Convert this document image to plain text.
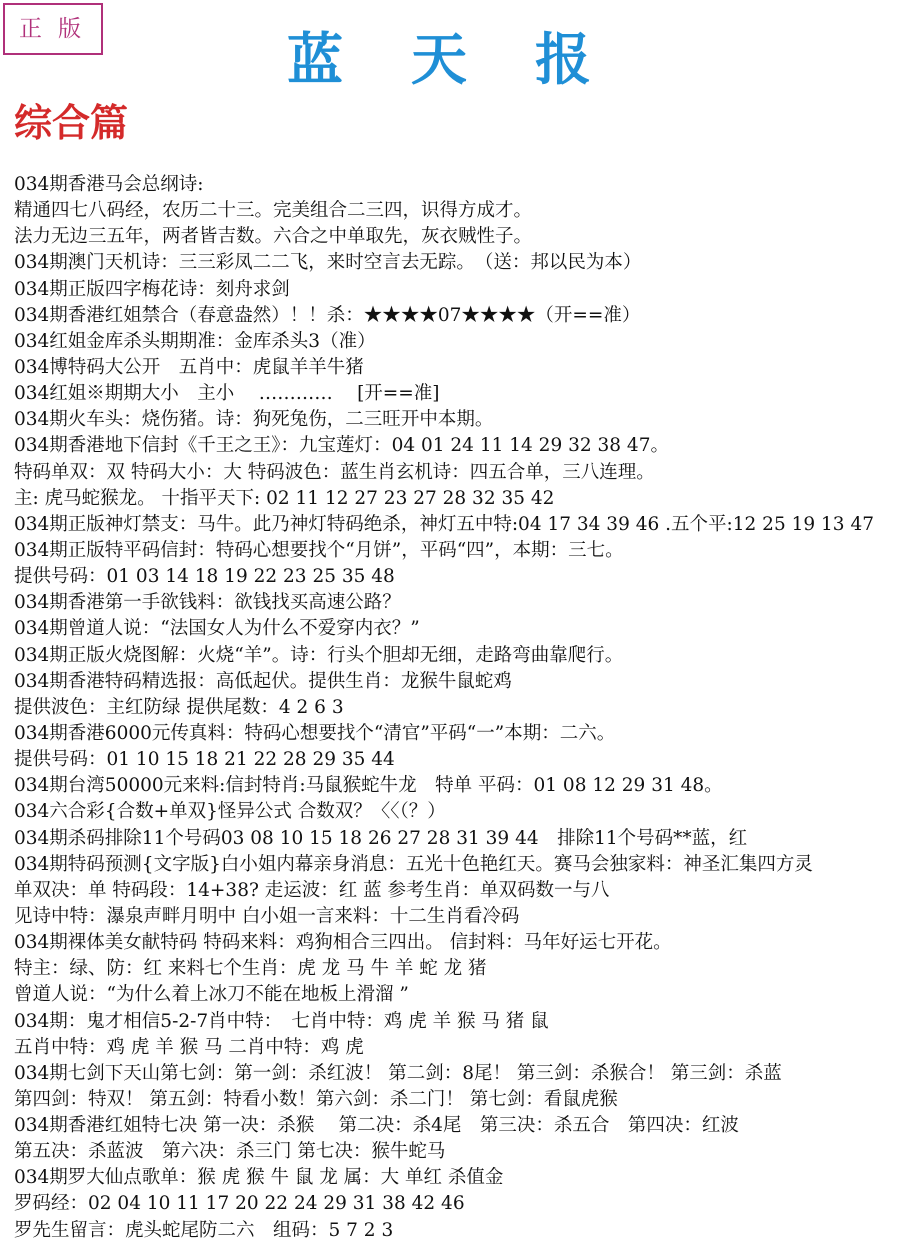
正版	蓝天报
综合篇
034期香港马会总纲诗:
精通四七八码经，农历二十三。完美组合二三四，识得方成才。
法力无边三五年，两者皆吉数。六合之中单取先，灰衣贼性子。
034期澳门天机诗：三三彩凤二二飞，来时空言去无踪。　（送：邦以民为本）
034期正版四字梅花诗：刻舟求剑
034期香港红姐禁合（春意盎然）！！杀：★★★★07★★★★（开==准）
034红姐金库杀头期期准：金库杀头3（准）
034博特码大公开　五肖中：虎鼠羊羊牛猪
034红姐※期期大小　主小　 …………　 [开==准]
034期火车头：烧伤猪。诗：狗死兔伤，二三旺开中本期。
034期香港地下信封《千王之王》：九宝莲灯：04 01 24 11 14 29 32 38 47。
特码单双：双 特码大小：大 特码波色：蓝生肖玄机诗：四五合单，三八连理。
主: 虎马蛇猴龙。 十指平天下: 02 11 12 27 23 27 28 32 35 42
034期正版神灯禁支：马牛。此乃神灯特码绝杀，神灯五中特:04 17 34 39 46 .五个平:12 25 19 13 47
034期正版特平码信封：特码心想要找个“月饼”，平码“四”，本期：三七。
提供号码：01 03 14 18 19 22 23 25 35 48
034期香港第一手欲钱料：欲钱找买高速公路？
034期曾道人说：“法国女人为什么不爱穿内衣？”
034期正版火烧图解：火烧“羊”。诗：行头个胆却无细，走路弯曲靠爬行。
034期香港特码精选报：高低起伏。提供生肖：龙猴牛鼠蛇鸡
提供波色：主红防绿 提供尾数：4 2 6 3
034期香港6000元传真料：特码心想要找个“清官”平码“一”本期：二六。
提供号码：01 10 15 18 21 22 28 29 35 44
034期台湾50000元来料:信封特肖:马鼠猴蛇牛龙　特单 平码：01 08 12 29 31 48。
034六合彩{合数+单双}怪异公式 合数双？〈〈（？）
034期杀码排除11个号码03 08 10 15 18 26 27 28 31 39 44　排除11个号码**蓝，红
034期特码预测{文字版}白小姐内幕亲身消息：五光十色艳红天。赛马会独家料：神圣汇集四方灵
单双决：单 特码段：14+38? 走运波：红 蓝 参考生肖：单双码数一与八
见诗中特：瀑泉声畔月明中 白小姐一言来料：十二生肖看冷码
034期裸体美女献特码 特码来料：鸡狗相合三四出。 信封料：马年好运七开花。
特主：绿、防：红 来料七个生肖：虎 龙 马 牛 羊 蛇 龙 猪
曾道人说：“为什么着上冰刀不能在地板上滑溜 ”
034期：鬼才相信5-2-7肖中特：　七肖中特：鸡 虎 羊 猴 马 猪 鼠
五肖中特：鸡 虎 羊 猴 马 二肖中特：鸡 虎
034期七剑下天山第七剑：第一剑：杀红波！ 第二剑：8尾！ 第三剑：杀猴合！ 第三剑：杀蓝
第四剑：特双！ 第五剑：特看小数！第六剑：杀二门！ 第七剑：看鼠虎猴
034期香港红姐特七决 第一决：杀猴　 第二决：杀4尾　第三决：杀五合　第四决：红波
第五决：杀蓝波　第六决：杀三门 第七决：猴牛蛇马
034期罗大仙点歌单：猴 虎 猴 牛 鼠 龙 属：大 单红 杀值金
罗码经：02 04 10 11 17 20 22 24 29 31 38 42 46
罗先生留言：虎头蛇尾防二六　组码：5 7 2 3
